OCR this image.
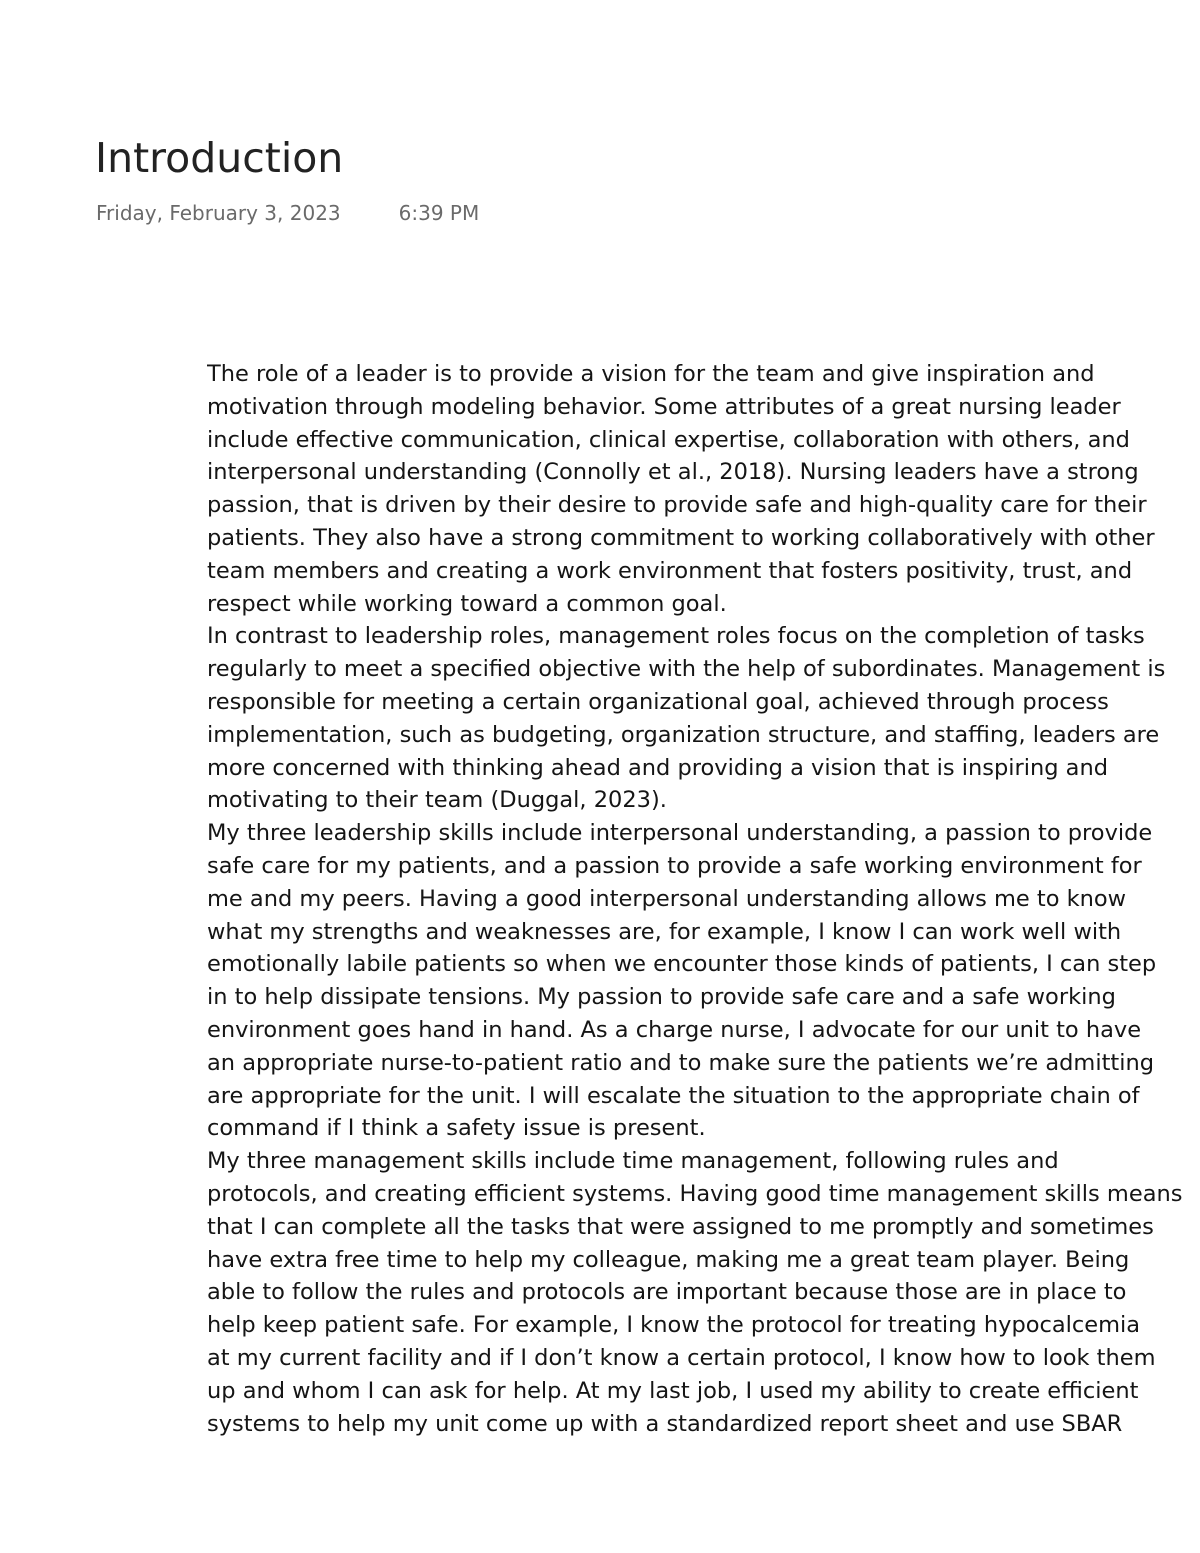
Introduction
Friday, February 3, 2023	6:39 PM
The role of a leader is to provide a vision for the team and give inspiration and
motivation through modeling behavior. Some attributes of a great nursing leader
include effective communication, clinical expertise, collaboration with others, and
interpersonal understanding (Connolly et al., 2018). Nursing leaders have a strong
passion, that is driven by their desire to provide safe and high-quality care for their
patients. They also have a strong commitment to working collaboratively with other
team members and creating a work environment that fosters positivity, trust, and
respect while working toward a common goal.
In contrast to leadership roles, management roles focus on the completion of tasks
regularly to meet a specified objective with the help of subordinates. Management is
responsible for meeting a certain organizational goal, achieved through process
implementation, such as budgeting, organization structure, and staffing, leaders are
more concerned with thinking ahead and providing a vision that is inspiring and
motivating to their team (Duggal, 2023).
My three leadership skills include interpersonal understanding, a passion to provide
safe care for my patients, and a passion to provide a safe working environment for
me and my peers. Having a good interpersonal understanding allows me to know
what my strengths and weaknesses are, for example, I know I can work well with
emotionally labile patients so when we encounter those kinds of patients, I can step
in to help dissipate tensions. My passion to provide safe care and a safe working
environment goes hand in hand. As a charge nurse, I advocate for our unit to have
an appropriate nurse-to-patient ratio and to make sure the patients we’re admitting
are appropriate for the unit. I will escalate the situation to the appropriate chain of
command if I think a safety issue is present.
My three management skills include time management, following rules and
protocols, and creating efficient systems. Having good time management skills means
that I can complete all the tasks that were assigned to me promptly and sometimes
have extra free time to help my colleague, making me a great team player. Being
able to follow the rules and protocols are important because those are in place to
help keep patient safe. For example, I know the protocol for treating hypocalcemia
at my current facility and if I don’t know a certain protocol, I know how to look them
up and whom I can ask for help. At my last job, I used my ability to create efficient
systems to help my unit come up with a standardized report sheet and use SBAR
